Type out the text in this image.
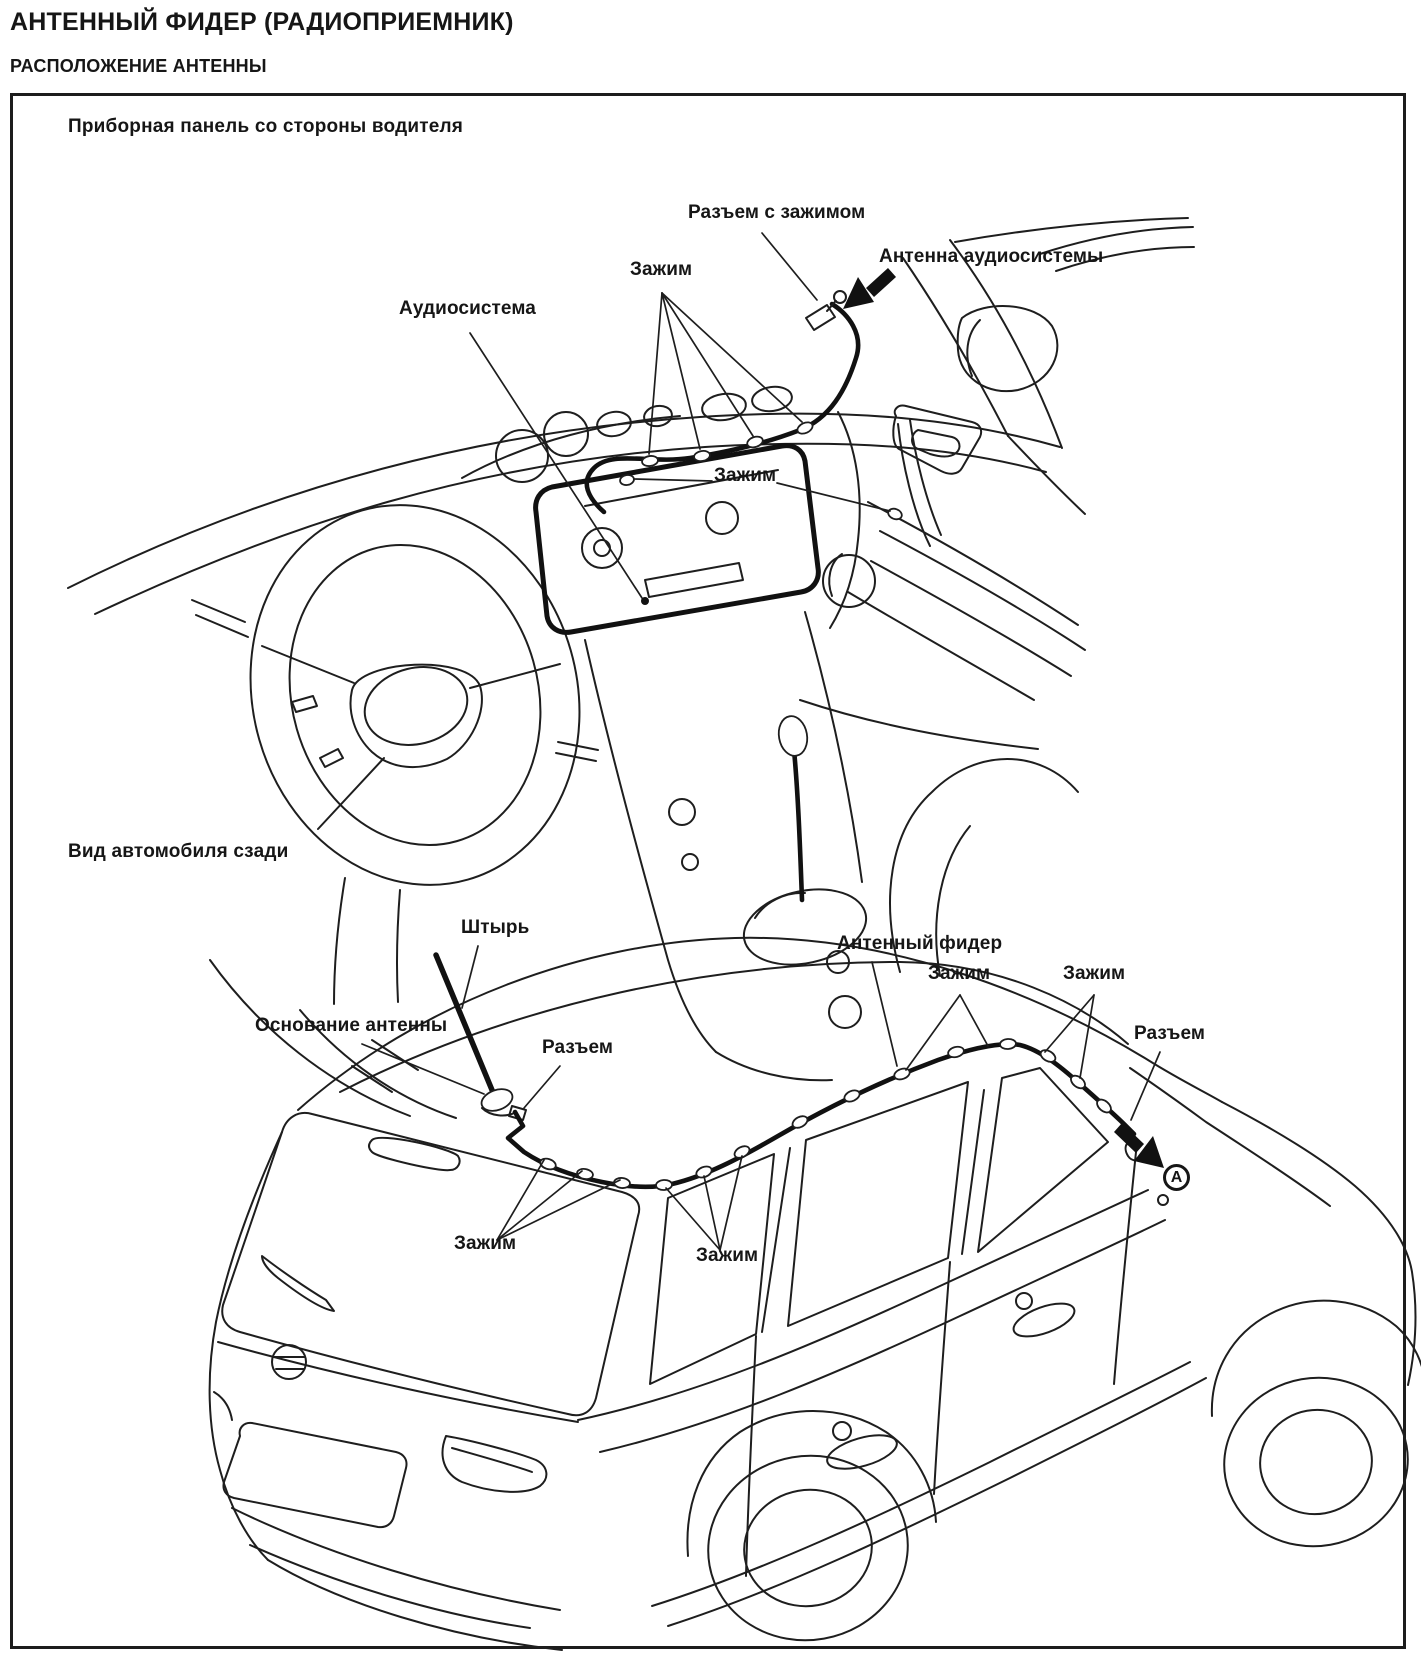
АНТЕННЫЙ ФИДЕР (РАДИОПРИЕМНИК)
РАСПОЛОЖЕНИЕ АНТЕННЫ
Приборная панель со стороны водителя
Разъем с зажимом
Зажим
Антенна аудиосистемы
Аудиосистема
Зажим
Вид автомобиля сзади
Штырь
Антенный фидер
Зажим	Зажим
Разъем
Основание антенны
Разъем
Зажим
Зажим
A
